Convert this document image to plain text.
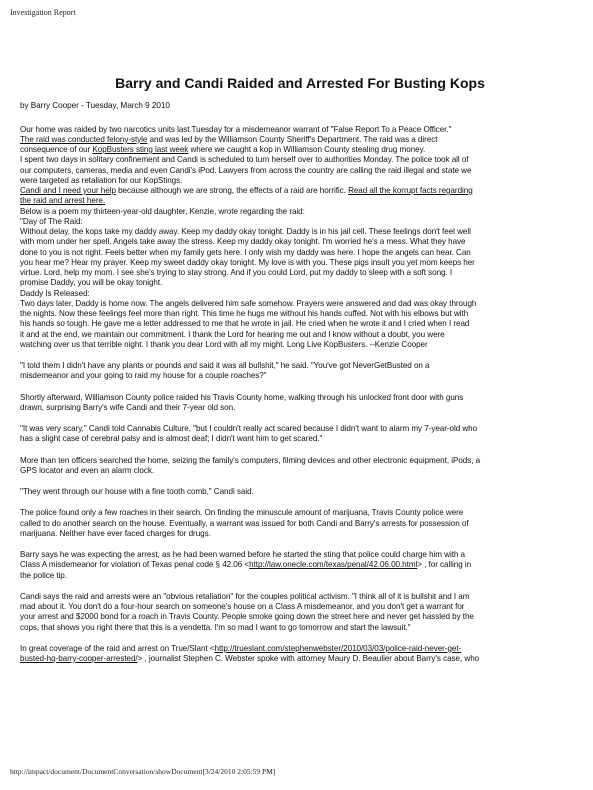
Investigation Report
Barry and Candi Raided and Arrested For Busting Kops
by Barry Cooper - Tuesday, March 9 2010

Our home was raided by two narcotics units last Tuesday for a misdemeanor warrant of "False Report To a Peace Officer."
The raid was conducted felony-style and was led by the Williamson County Sheriff's Department. The raid was a direct
consequence of our KopBusters sting last week where we caught a kop in Williamson County stealing drug money.
I spent two days in solitary confinement and Candi is scheduled to turn herself over to authorities Monday. The police took all of
our computers, cameras, media and even Candi's iPod. Lawyers from across the country are calling the raid illegal and state we
were targeted as retaliation for our KopStings.
Candi and I need your help because although we are strong, the effects of a raid are horrific. Read all the korrupt facts regarding
the raid and arrest here.
Below is a poem my thirteen-year-old daughter, Kenzie, wrote regarding the raid:
"Day of The Raid:
Without delay, the kops take my daddy away. Keep my daddy okay tonight. Daddy is in his jail cell. These feelings don't feel well
with mom under her spell. Angels take away the stress. Keep my daddy okay tonight. I'm worried he's a mess. What they have
done to you is not right. Feels better when my family gets here. I only wish my daddy was here. I hope the angels can hear. Can
you hear me? Hear my prayer. Keep my sweet daddy okay tonight. My love is with you. These pigs insult you yet mom keeps her
virtue. Lord, help my mom. I see she's trying to stay strong. And if you could Lord, put my daddy to sleep with a soft song. I
promise Daddy, you will be okay tonight.
Daddy Is Released:
Two days later, Daddy is home now. The angels delivered him safe somehow. Prayers were answered and dad was okay through
the nights. Now these feelings feel more than right. This time he hugs me without his hands cuffed. Not with his elbows but with
his hands so tough. He gave me a letter addressed to me that he wrote in jail. He cried when he wrote it and I cried when I read
it and at the end, we maintain our commitment. I thank the Lord for hearing me out and I know without a doubt, you were
watching over us that terrible night. I thank you dear Lord with all my might. Long Live KopBusters. --Kenzie Cooper

"I told them I didn't have any plants or pounds and said it was all bullshit," he said. "You've got NeverGetBusted on a
misdemeanor and your going to raid my house for a couple roaches?"

Shortly afterward, Williamson County police raided his Travis County home, walking through his unlocked front door with guns
drawn, surprising Barry's wife Candi and their 7-year old son.

"It was very scary," Candi told Cannabis Culture, "but I couldn't really act scared because I didn't want to alarm my 7-year-old who
has a slight case of cerebral palsy and is almost deaf; I didn't want him to get scared."

More than ten officers searched the home, seizing the family's computers, filming devices and other electronic equipment, iPods, a
GPS locator and even an alarm clock.

"They went through our house with a fine tooth comb," Candi said.

The police found only a few roaches in their search. On finding the minuscule amount of marijuana, Travis County police were
called to do another search on the house. Eventually, a warrant was issued for both Candi and Barry's arrests for possession of
marijuana. Neither have ever faced charges for drugs.

Barry says he was expecting the arrest, as he had been warned before he started the sting that police could charge him with a
Class A misdemeanor for violation of Texas penal code § 42.06 <http://law.onecle.com/texas/penal/42.06.00.html> , for calling in
the police tip.

Candi says the raid and arrests were an "obvious retaliation" for the couples political activism. "I think all of it is bullshit and I am
mad about it. You don't do a four-hour search on someone's house on a Class A misdemeanor, and you don't get a warrant for
your arrest and $2000 bond for a roach in Travis County. People smoke going down the street here and never get hassled by the
cops, that shows you right there that this is a vendetta. I'm so mad I want to go tomorrow and start the lawsuit."

In great coverage of the raid and arrest on True/Slant <http://trueslant.com/stephenwebster/2010/03/03/police-raid-never-get-
busted-hq-barry-cooper-arrested/> , journalist Stephen C. Webster spoke with attorney Maury D. Beaulier about Barry's case, who

http://impact/document/DocumentConversation/showDocument[3/24/2010 2:05:59 PM]
